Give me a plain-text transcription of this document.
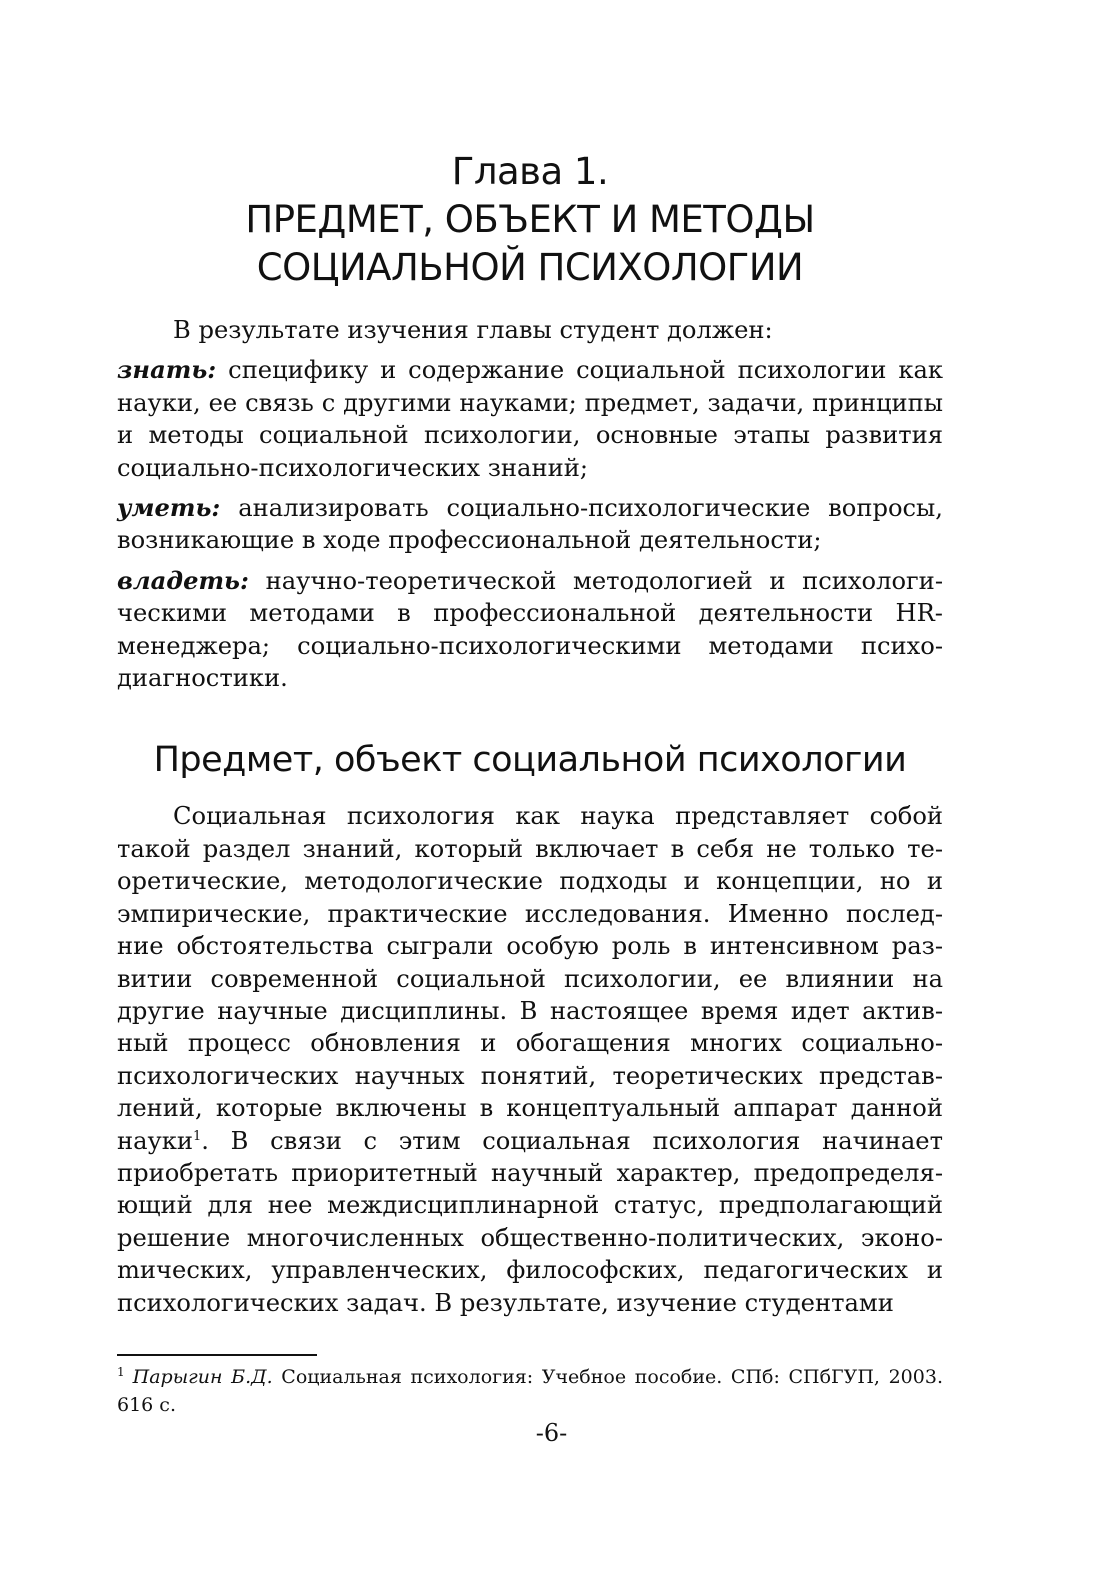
Глава 1.
ПРЕДМЕТ, ОБЪЕКТ И МЕТОДЫ
СОЦИАЛЬНОЙ ПСИХОЛОГИИ

В результате изучения главы студент должен:

знать: специфику и содержание социальной психологии как науки, ее связь с другими науками; предмет, задачи, принципы и методы социальной психологии, основные этапы развития социально-психологических знаний;

уметь: анализировать социально-психологические вопросы, возникающие в ходе профессиональной деятельности;

владеть: научно-теоретической методологией и психологическими методами в профессиональной деятельности HR-менеджера; социально-психологическими методами психодиагностики.

Предмет, объект социальной психологии

Социальная психология как наука представляет собой такой раздел знаний, который включает в себя не только теоретические, методологические подходы и концепции, но и эмпирические, практические исследования. Именно последние обстоятельства сыграли особую роль в интенсивном развитии современной социальной психологии, ее влиянии на другие научные дисциплины. В настоящее время идет активный процесс обновления и обогащения многих социально-психологических научных понятий, теоретических представлений, которые включены в концептуальный аппарат данной науки$^1$. В связи с этим социальная психология начинает приобретать приоритетный научный характер, предопределяющий для нее междисциплинарной статус, предполагающий решение многочисленных общественно-политических, эконоmических, управленческих, философских, педагогических и психологических задач. В результате, изучение студентами

$^1$ Парыгин Б.Д. Социальная психология: Учебное пособие. СПб: СПбГУП, 2003. 616 с.

-6-
